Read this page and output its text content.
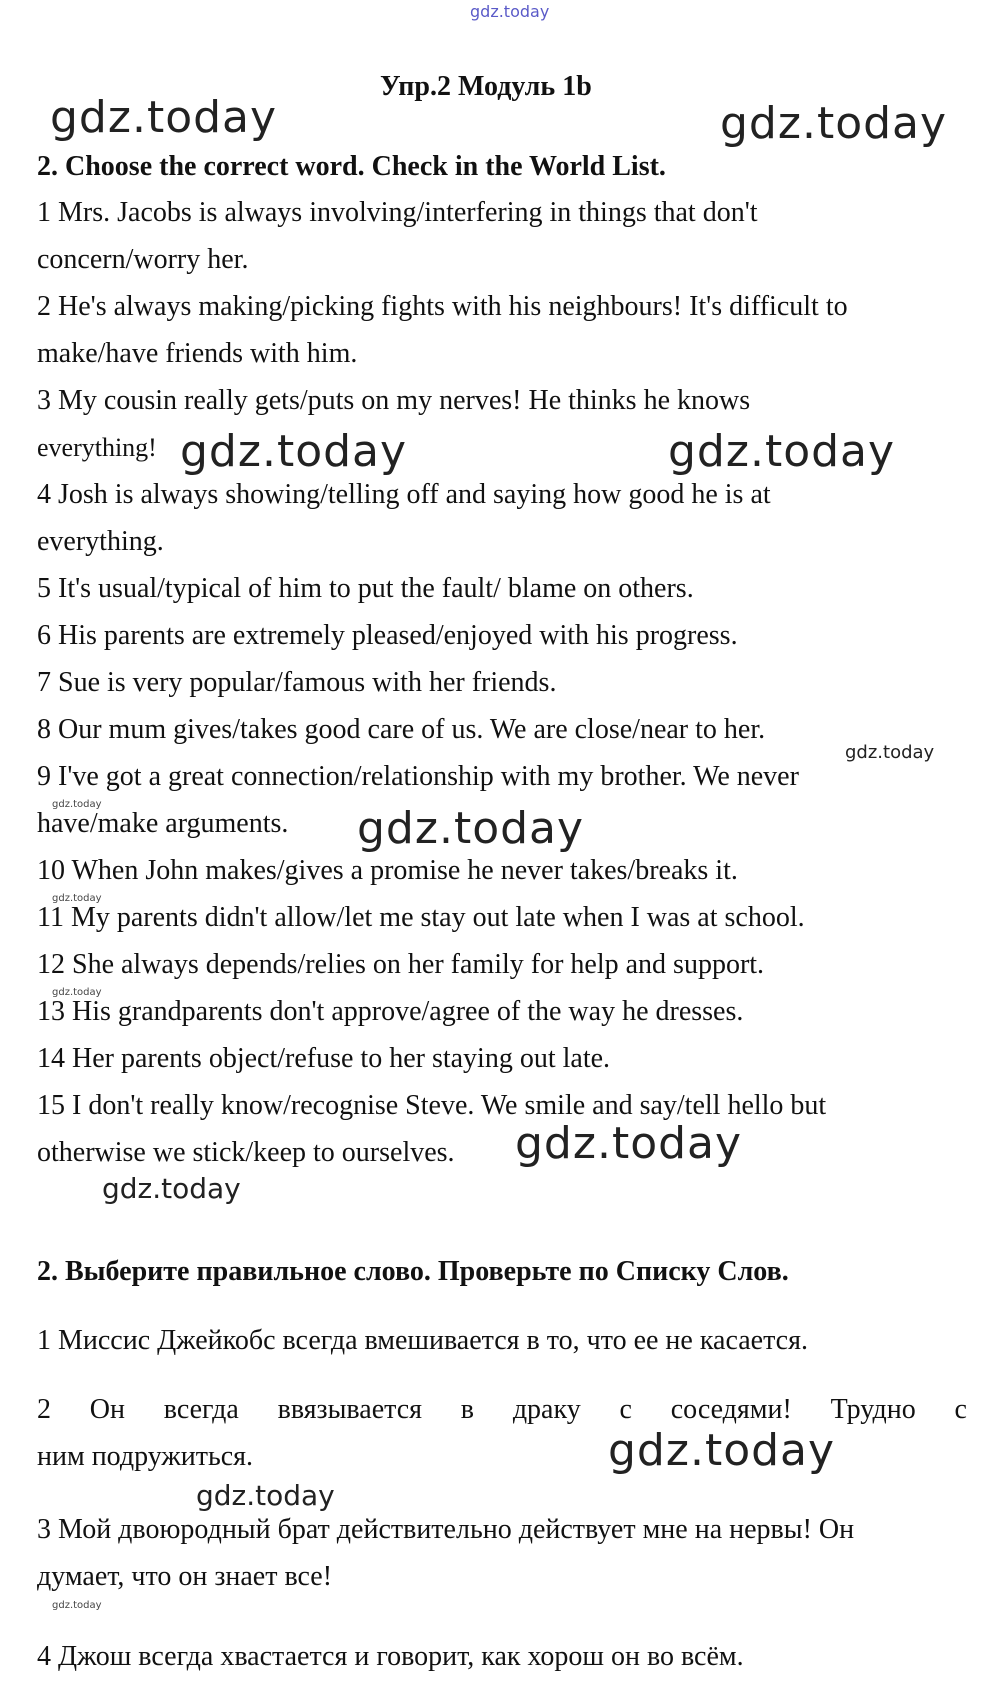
gdz.today
Упр.2 Модуль 1b
gdz.today	gdz.today
2. Choose the correct word. Check in the World List.
1 Mrs. Jacobs is always involving/interfering in things that don't
concern/worry her.
2 He's always making/picking fights with his neighbours! It's difficult to
make/have friends with him.
3 My cousin really gets/puts on my nerves! He thinks he knows
everything! gdz.today	gdz.today
4 Josh is always showing/telling off and saying how good he is at
everything.
5 It's usual/typical of him to put the fault/ blame on others.
6 His parents are extremely pleased/enjoyed with his progress.
7 Sue is very popular/famous with her friends.
8 Our mum gives/takes good care of us. We are close/near to her.
gdz.today
9 I've got a great connection/relationship with my brother. We never
gdz.today
have/make arguments. gdz.today
10 When John makes/gives a promise he never takes/breaks it.
gdz.today
11 My parents didn't allow/let me stay out late when I was at school.
12 She always depends/relies on her family for help and support.
gdz.today
13 His grandparents don't approve/agree of the way he dresses.
14 Her parents object/refuse to her staying out late.
15 I don't really know/recognise Steve. We smile and say/tell hello but
otherwise we stick/keep to ourselves. gdz.today
gdz.today
2. Выберите правильное слово. Проверьте по Списку Слов.
1 Миссис Джейкобс всегда вмешивается в то, что ее не касается.
2 Он всегда ввязывается в драку с соседями! Трудно с
ним подружиться.	gdz.today
gdz.today
3 Мой двоюродный брат действительно действует мне на нервы! Он
думает, что он знает все!
gdz.today
4 Джош всегда хвастается и говорит, как хорош он во всём.
